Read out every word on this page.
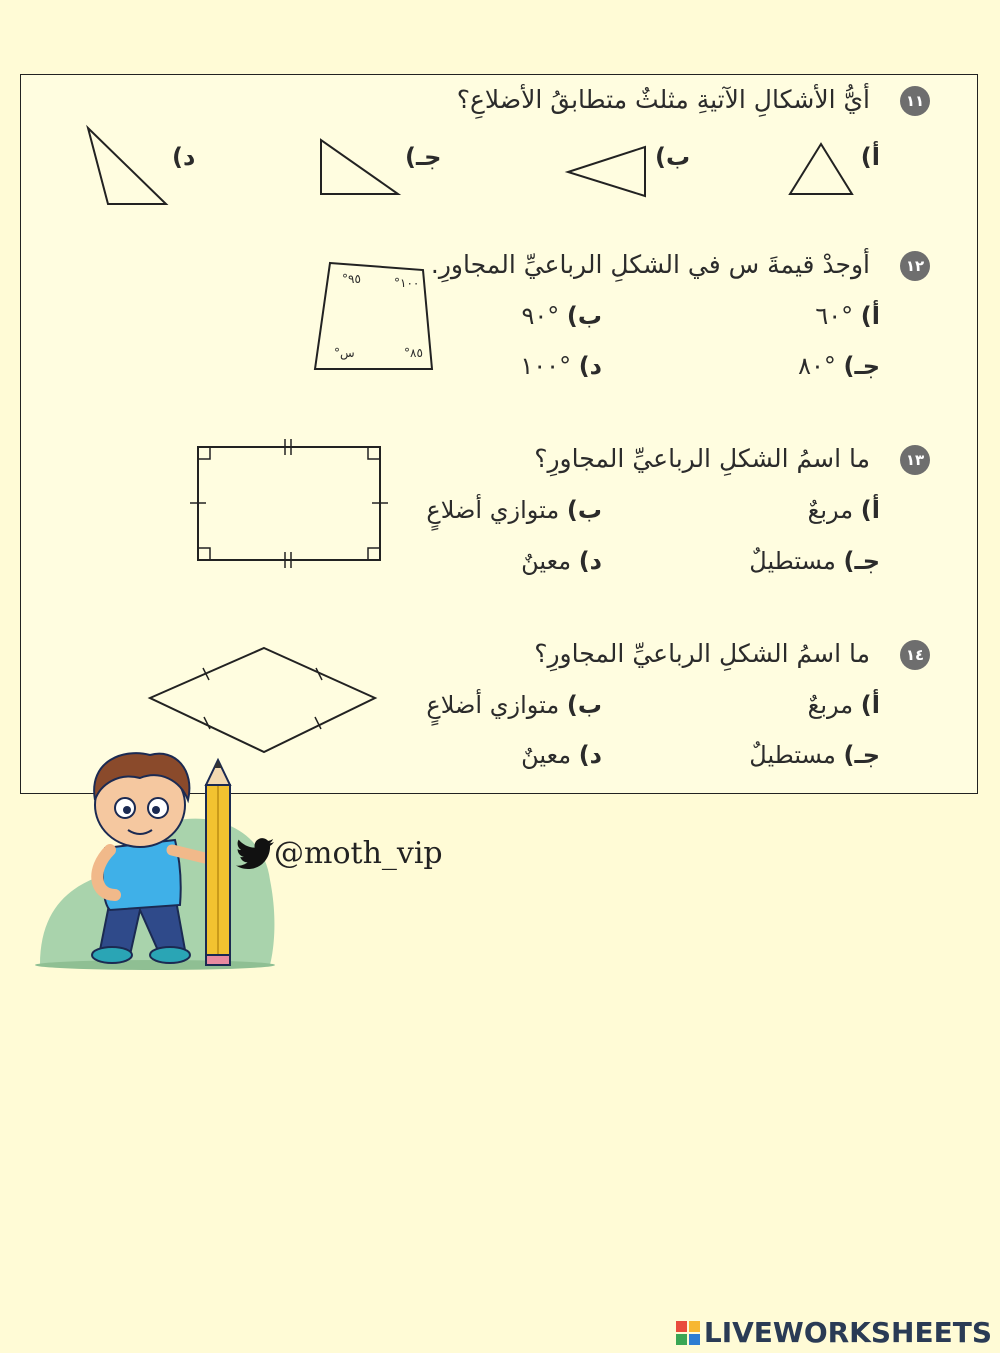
١١
أيُّ الأشكالِ الآتيةِ مثلثٌ متطابقُ الأضلاعِ؟
أ)
ب)
جـ)
د)
١٢
أوجدْ قيمةَ س في الشكلِ الرباعيِّ المجاورِ.
°٩٥	°١٠٠
°س	°٨٥
أ) °٦٠
ب) °٩٠
جـ) °٨٠
د) °١٠٠
١٣
ما اسمُ الشكلِ الرباعيِّ المجاورِ؟
أ) مربعٌ
ب) متوازي أضلاعٍ
جـ) مستطيلٌ
د) معينٌ
١٤
ما اسمُ الشكلِ الرباعيِّ المجاورِ؟
أ) مربعٌ
ب) متوازي أضلاعٍ
جـ) مستطيلٌ
د) معينٌ
@moth_vip
LIVEWORKSHEETS
